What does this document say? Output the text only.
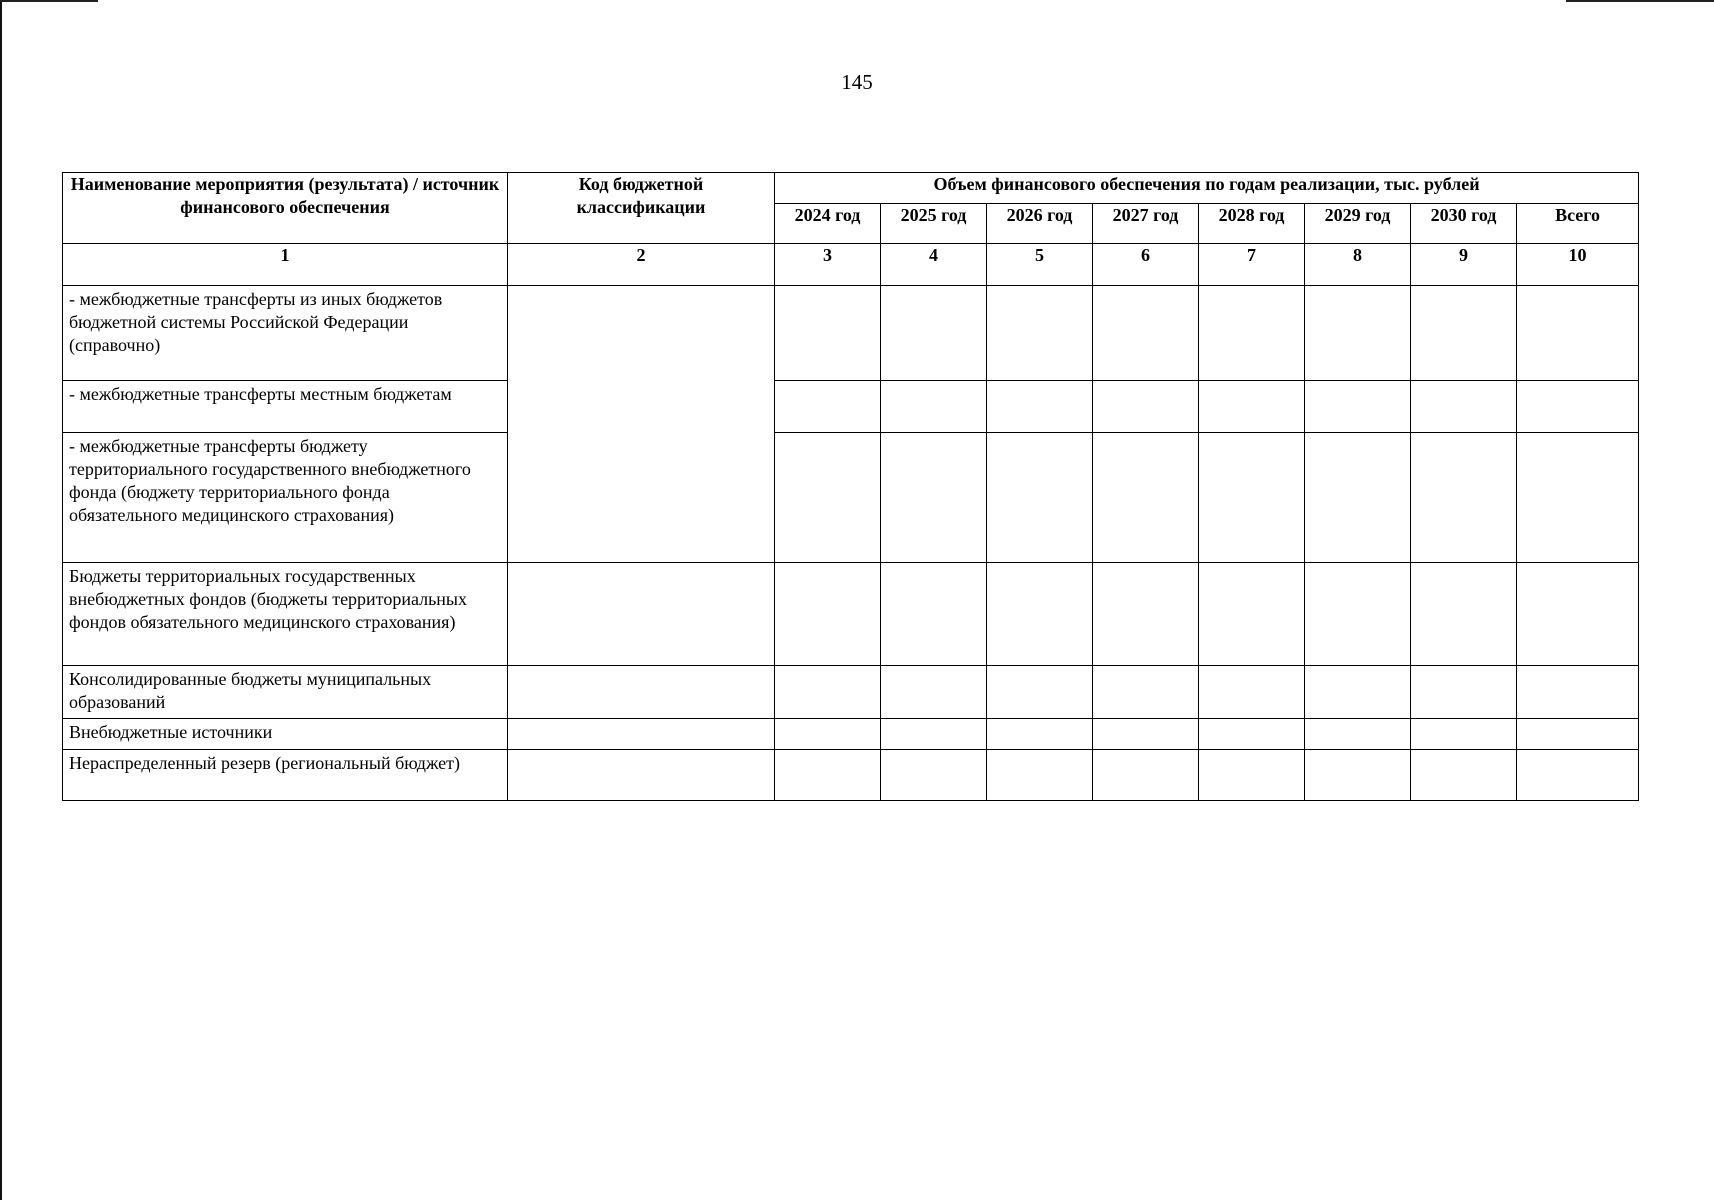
145
Наименование мероприятия (результата) / источник финансового обеспечения	Код бюджетной классификации	Объем финансового обеспечения по годам реализации, тыс. рублей							
		2024 год	2025 год	2026 год	2027 год	2028 год	2029 год	2030 год	Всего
1	2	3	4	5	6	7	8	9	10
- межбюджетные трансферты из иных бюджетов бюджетной системы Российской Федерации (справочно)									
- межбюджетные трансферты местным бюджетам									
- межбюджетные трансферты бюджету территориального государственного внебюджетного фонда (бюджету территориального фонда обязательного медицинского страхования)									
Бюджеты территориальных государственных внебюджетных фондов (бюджеты территориальных фондов обязательного медицинского страхования)									
Консолидированные бюджеты муниципальных образований									
Внебюджетные источники									
Нераспределенный резерв (региональный бюджет)									
